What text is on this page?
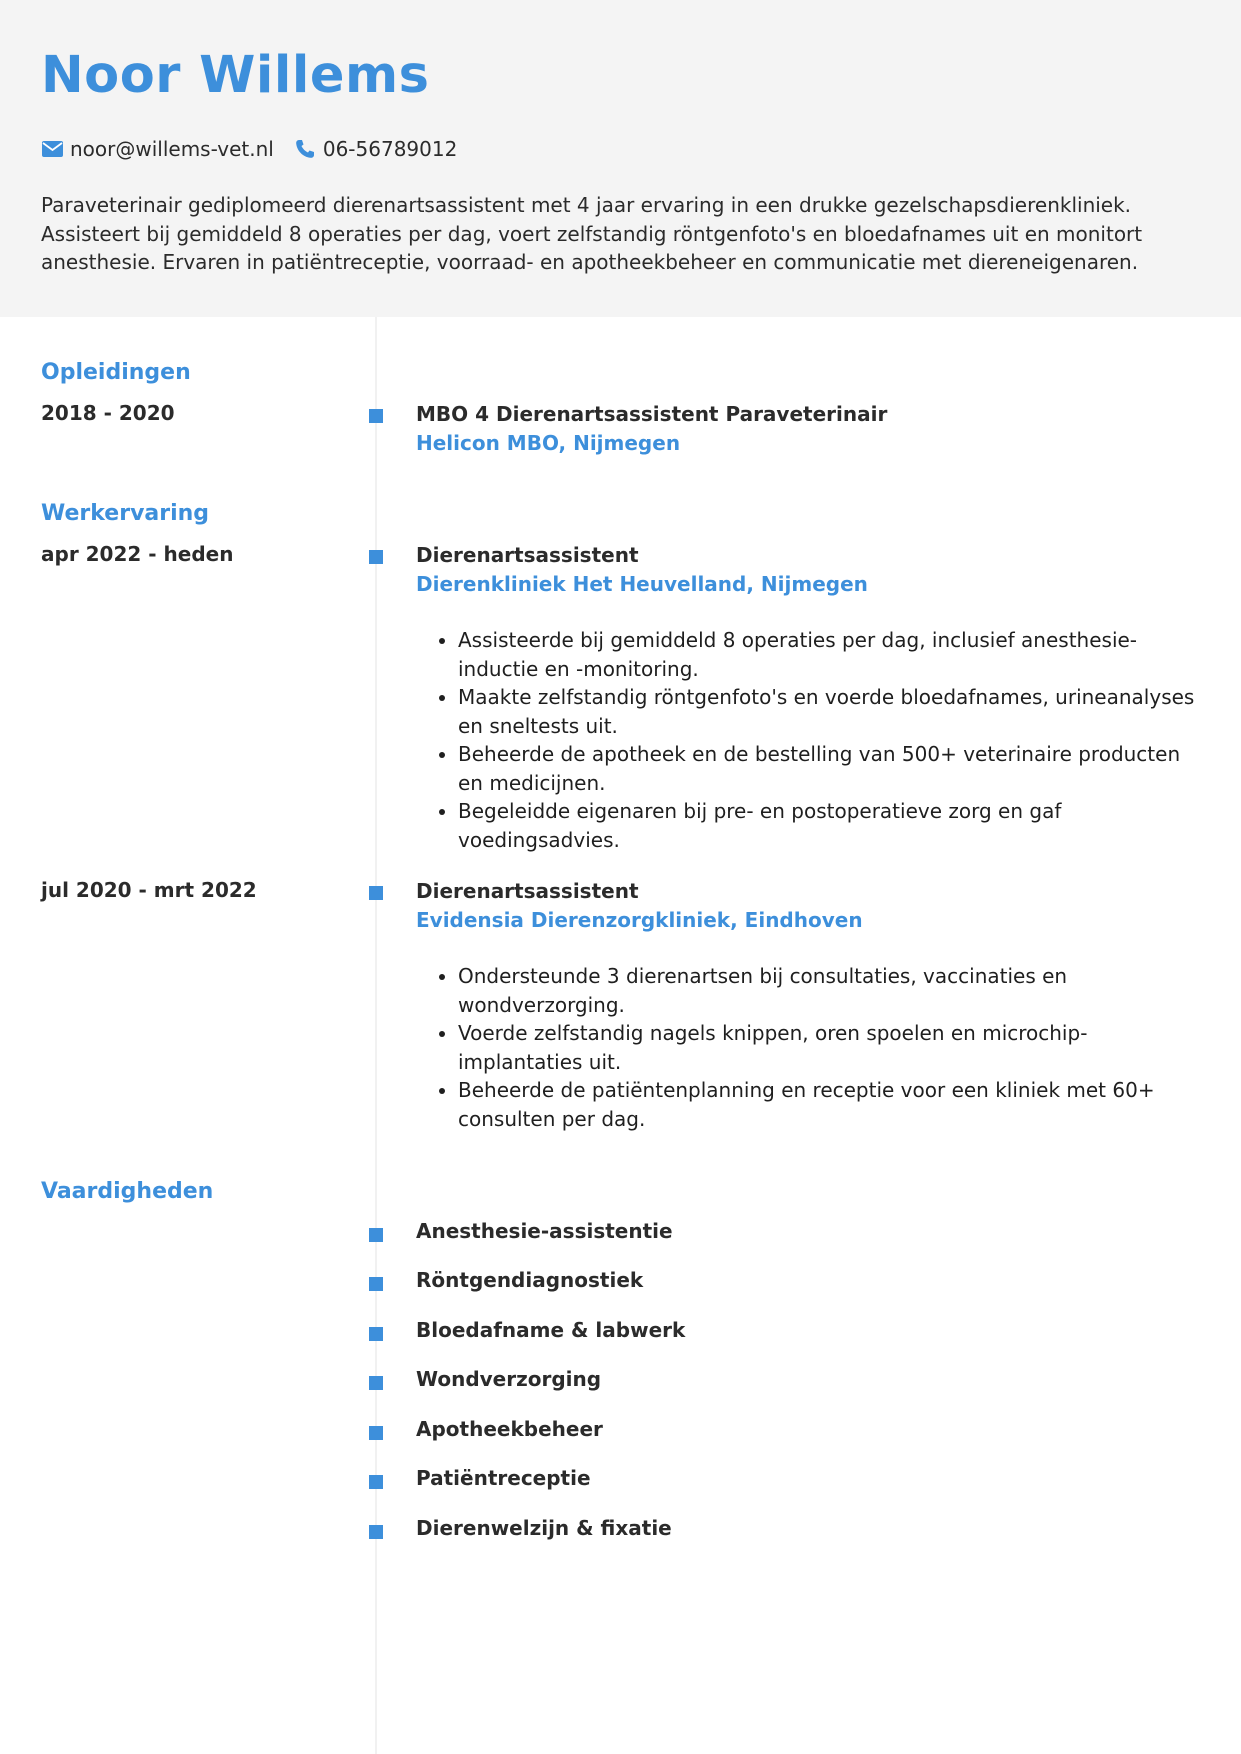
Noor Willems
noor@willems-vet.nl 06-56789012
Paraveterinair gediplomeerd dierenartsassistent met 4 jaar ervaring in een drukke gezelschapsdierenkliniek. Assisteert bij gemiddeld 8 operaties per dag, voert zelfstandig röntgenfoto's en bloedafnames uit en monitort anesthesie. Ervaren in patiëntreceptie, voorraad- en apotheekbeheer en communicatie met diereneigenaren.
Opleidingen
2018 - 2020	MBO 4 Dierenartsassistent Paraveterinair
Helicon MBO, Nijmegen
Werkervaring
apr 2022 - heden	Dierenartsassistent
Dierenkliniek Het Heuvelland, Nijmegen
• Assisteerde bij gemiddeld 8 operaties per dag, inclusief anesthesie-inductie en -monitoring.
• Maakte zelfstandig röntgenfoto's en voerde bloedafnames, urineanalyses en sneltests uit.
• Beheerde de apotheek en de bestelling van 500+ veterinaire producten en medicijnen.
• Begeleidde eigenaren bij pre- en postoperatieve zorg en gaf voedingsadvies.
jul 2020 - mrt 2022	Dierenartsassistent
Evidensia Dierenzorgkliniek, Eindhoven
• Ondersteunde 3 dierenartsen bij consultaties, vaccinaties en wondverzorging.
• Voerde zelfstandig nagels knippen, oren spoelen en microchip-implantaties uit.
• Beheerde de patiëntenplanning en receptie voor een kliniek met 60+ consulten per dag.
Vaardigheden
Anesthesie-assistentie
Röntgendiagnostiek
Bloedafname & labwerk
Wondverzorging
Apotheekbeheer
Patiëntreceptie
Dierenwelzijn & fixatie
